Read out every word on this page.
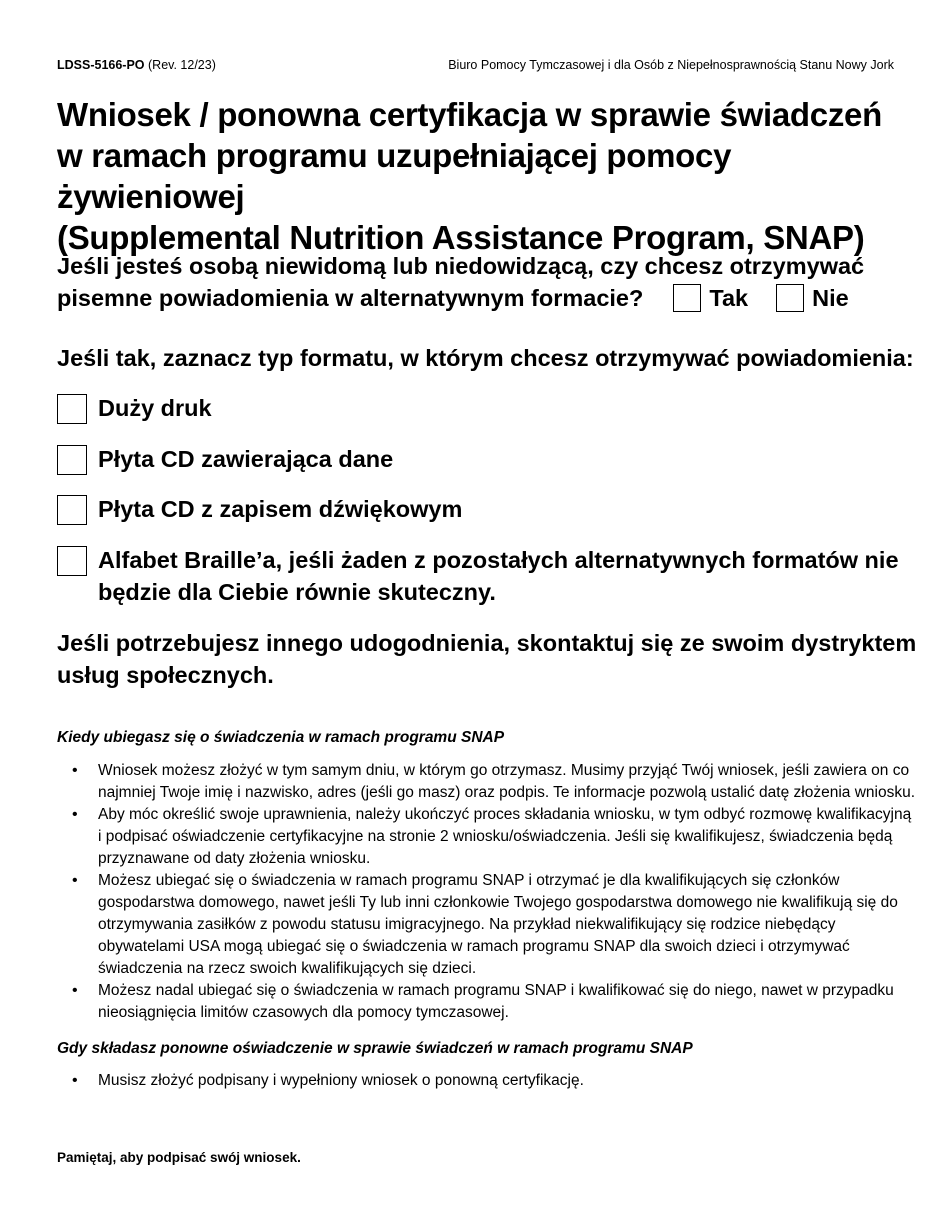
LDSS-5166-PO (Rev. 12/23)	Biuro Pomocy Tymczasowej i dla Osób z Niepełnosprawnością Stanu Nowy Jork
Wniosek / ponowna certyfikacja w sprawie świadczeń
w ramach programu uzupełniającej pomocy żywieniowej
(Supplemental Nutrition Assistance Program, SNAP)
Jeśli jesteś osobą niewidomą lub niedowidzącą, czy chcesz otrzymywać
pisemne powiadomienia w alternatywnym formacie?	Tak	Nie
Jeśli tak, zaznacz typ formatu, w którym chcesz otrzymywać powiadomienia:
Duży druk
Płyta CD zawierająca dane
Płyta CD z zapisem dźwiękowym
Alfabet Braille’a, jeśli żaden z pozostałych alternatywnych formatów nie będzie dla Ciebie równie skuteczny.
Jeśli potrzebujesz innego udogodnienia, skontaktuj się ze swoim dystryktem usług społecznych.
Kiedy ubiegasz się o świadczenia w ramach programu SNAP
• Wniosek możesz złożyć w tym samym dniu, w którym go otrzymasz. Musimy przyjąć Twój wniosek, jeśli zawiera on co najmniej Twoje imię i nazwisko, adres (jeśli go masz) oraz podpis. Te informacje pozwolą ustalić datę złożenia wniosku.
• Aby móc określić swoje uprawnienia, należy ukończyć proces składania wniosku, w tym odbyć rozmowę kwalifikacyjną i podpisać oświadczenie certyfikacyjne na stronie 2 wniosku/oświadczenia. Jeśli się kwalifikujesz, świadczenia będą przyznawane od daty złożenia wniosku.
• Możesz ubiegać się o świadczenia w ramach programu SNAP i otrzymać je dla kwalifikujących się członków gospodarstwa domowego, nawet jeśli Ty lub inni członkowie Twojego gospodarstwa domowego nie kwalifikują się do otrzymywania zasiłków z powodu statusu imigracyjnego. Na przykład niekwalifikujący się rodzice niebędący obywatelami USA mogą ubiegać się o świadczenia w ramach programu SNAP dla swoich dzieci i otrzymywać świadczenia na rzecz swoich kwalifikujących się dzieci.
• Możesz nadal ubiegać się o świadczenia w ramach programu SNAP i kwalifikować się do niego, nawet w przypadku nieosiągnięcia limitów czasowych dla pomocy tymczasowej.
Gdy składasz ponowne oświadczenie w sprawie świadczeń w ramach programu SNAP
• Musisz złożyć podpisany i wypełniony wniosek o ponowną certyfikację.
Pamiętaj, aby podpisać swój wniosek.
